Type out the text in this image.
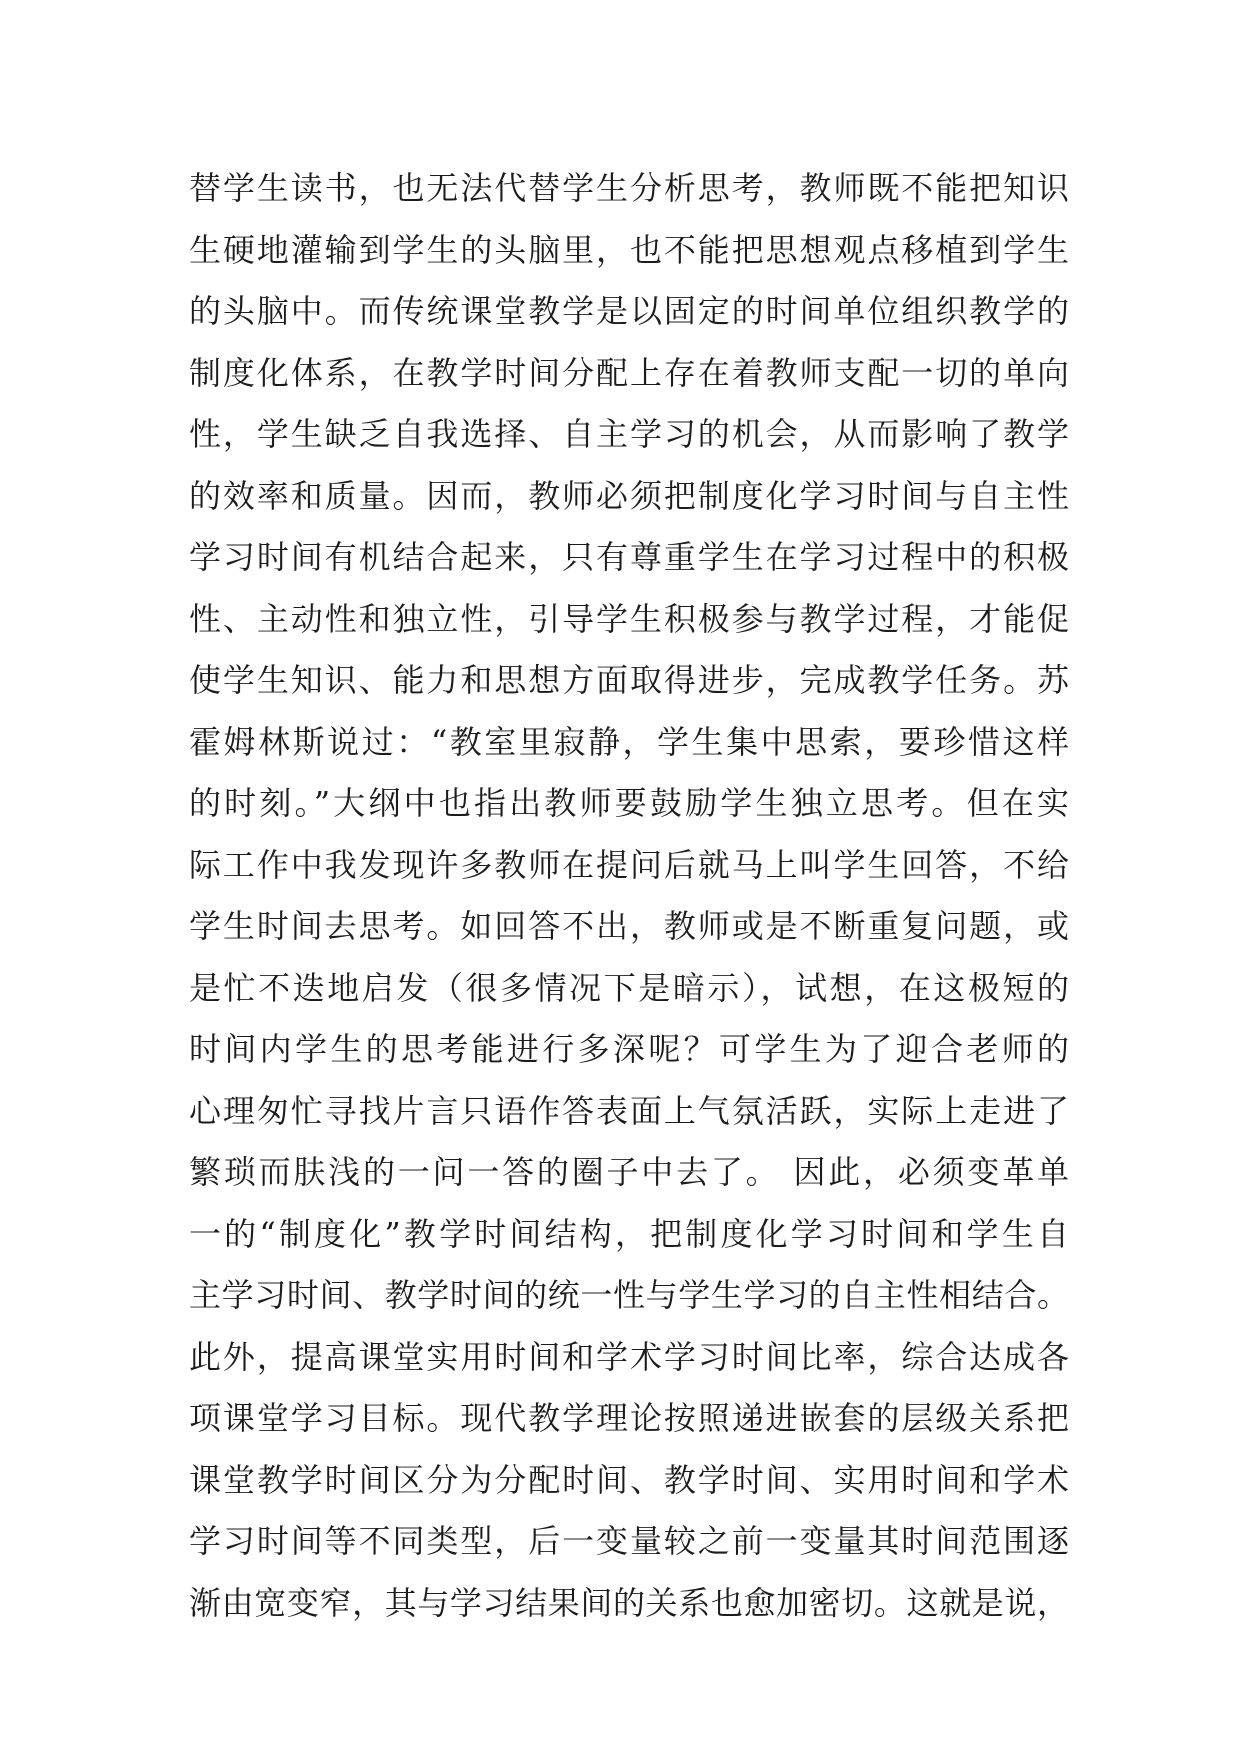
替学生读书，也无法代替学生分析思考，教师既不能把知识
生硬地灌输到学生的头脑里，也不能把思想观点移植到学生
的头脑中。而传统课堂教学是以固定的时间单位组织教学的
制度化体系，在教学时间分配上存在着教师支配一切的单向
性，学生缺乏自我选择、自主学习的机会，从而影响了教学
的效率和质量。因而，教师必须把制度化学习时间与自主性
学习时间有机结合起来，只有尊重学生在学习过程中的积极
性、主动性和独立性，引导学生积极参与教学过程，才能促
使学生知识、能力和思想方面取得进步，完成教学任务。苏
霍姆林斯说过：“教室里寂静，学生集中思索，要珍惜这样
的时刻。”大纲中也指出教师要鼓励学生独立思考。但在实
际工作中我发现许多教师在提问后就马上叫学生回答，不给
学生时间去思考。如回答不出，教师或是不断重复问题，或
是忙不迭地启发（很多情况下是暗示），试想，在这极短的
时间内学生的思考能进行多深呢？可学生为了迎合老师的
心理匆忙寻找片言只语作答表面上气氛活跃，实际上走进了
繁琐而肤浅的一问一答的圈子中去了。 因此，必须变革单
一的“制度化”教学时间结构，把制度化学习时间和学生自
主学习时间、教学时间的统一性与学生学习的自主性相结合。
此外，提高课堂实用时间和学术学习时间比率，综合达成各
项课堂学习目标。现代教学理论按照递进嵌套的层级关系把
课堂教学时间区分为分配时间、教学时间、实用时间和学术
学习时间等不同类型，后一变量较之前一变量其时间范围逐
渐由宽变窄，其与学习结果间的关系也愈加密切。这就是说，
